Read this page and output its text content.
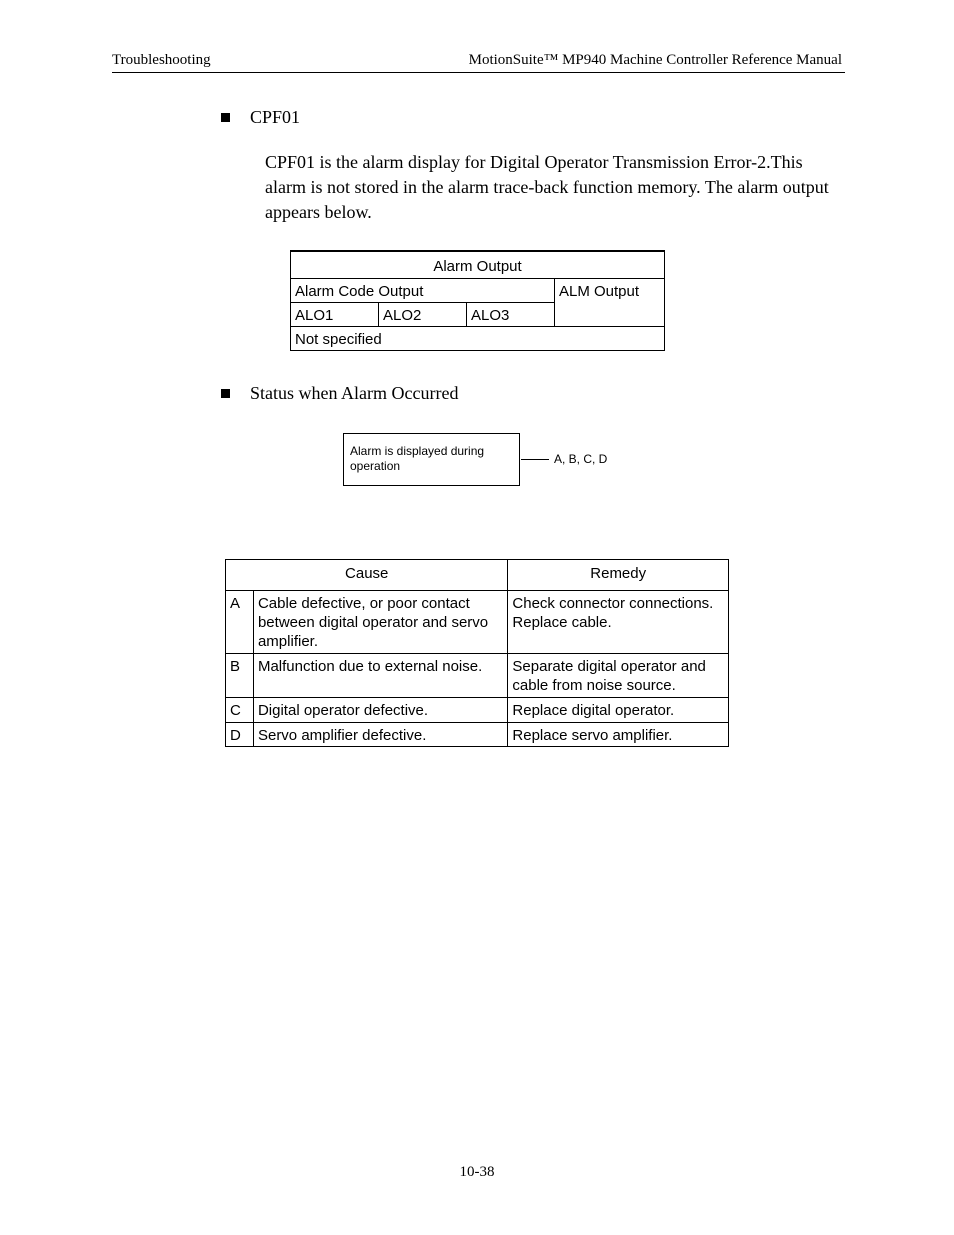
Troubleshooting	MotionSuite™ MP940 Machine Controller Reference Manual
CPF01
CPF01 is the alarm display for Digital Operator Transmission Error-2.This alarm is not stored in the alarm trace-back function memory. The alarm output appears below.
Alarm Output			
Alarm Code Output			ALM Output
ALO1	ALO2	ALO3	
Not specified			
Status when Alarm Occurred
Alarm is displayed during operation	A, B, C, D
Cause		Remedy
A	Cable defective, or poor contact between digital operator and servo amplifier.	Check connector connections. Replace cable.
B	Malfunction due to external noise.	Separate digital operator and cable from noise source.
C	Digital operator defective.	Replace digital operator.
D	Servo amplifier defective.	Replace servo amplifier.
10-38
